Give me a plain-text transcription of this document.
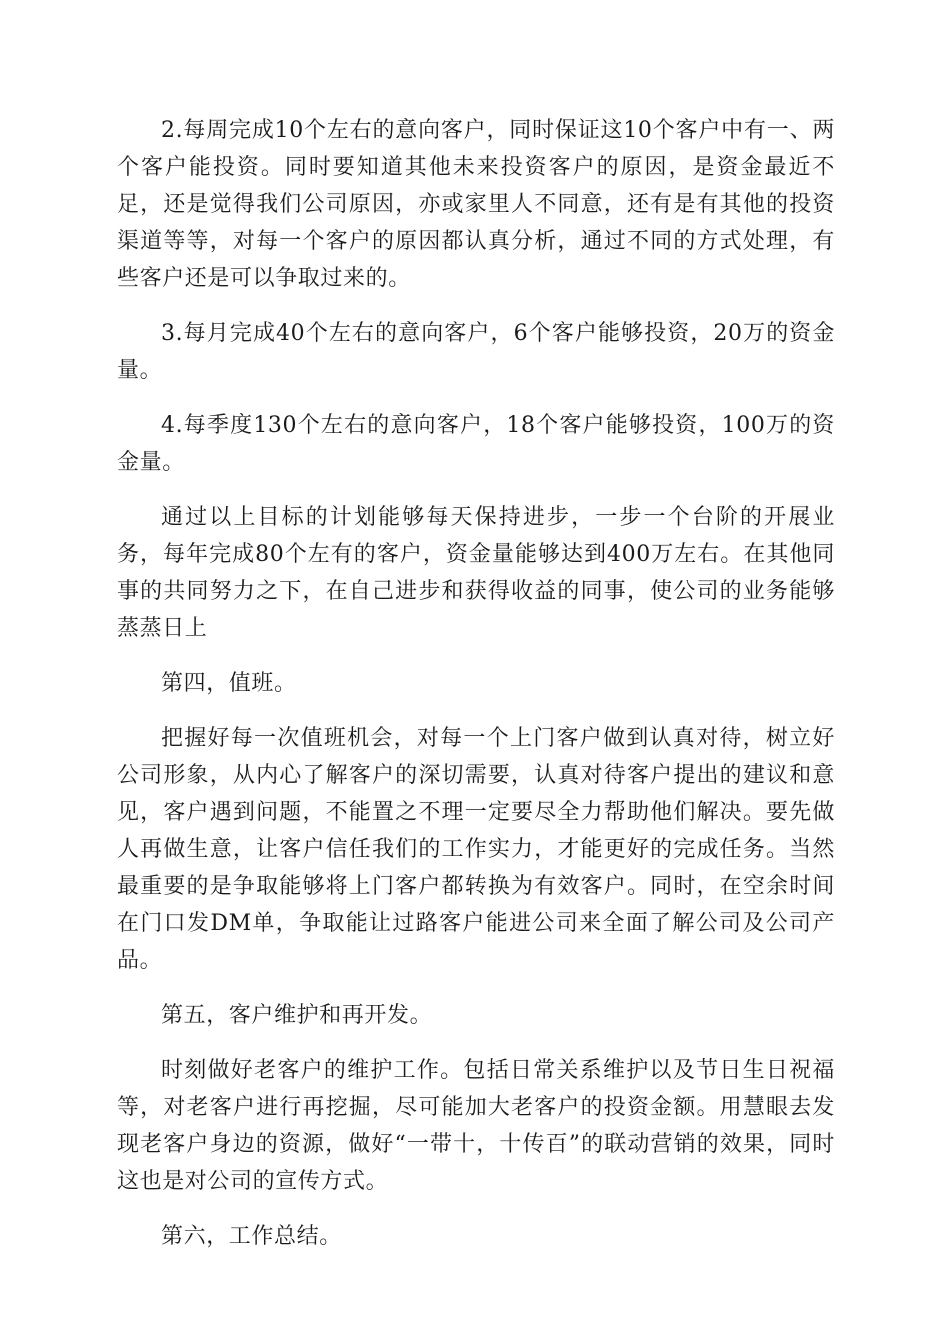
2.每周完成10个左右的意向客户，同时保证这10个客户中有一、两个客户能投资。同时要知道其他未来投资客户的原因，是资金最近不足，还是觉得我们公司原因，亦或家里人不同意，还有是有其他的投资渠道等等，对每一个客户的原因都认真分析，通过不同的方式处理，有些客户还是可以争取过来的。

3.每月完成40个左右的意向客户，6个客户能够投资，20万的资金量。

4.每季度130个左右的意向客户，18个客户能够投资，100万的资金量。

通过以上目标的计划能够每天保持进步，一步一个台阶的开展业务，每年完成80个左有的客户，资金量能够达到400万左右。在其他同事的共同努力之下，在自己进步和获得收益的同事，使公司的业务能够蒸蒸日上

第四，值班。

把握好每一次值班机会，对每一个上门客户做到认真对待，树立好公司形象，从内心了解客户的深切需要，认真对待客户提出的建议和意见，客户遇到问题，不能置之不理一定要尽全力帮助他们解决。要先做人再做生意，让客户信任我们的工作实力，才能更好的完成任务。当然最重要的是争取能够将上门客户都转换为有效客户。同时，在空余时间在门口发DM单，争取能让过路客户能进公司来全面了解公司及公司产品。

第五，客户维护和再开发。

时刻做好老客户的维护工作。包括日常关系维护以及节日生日祝福等，对老客户进行再挖掘，尽可能加大老客户的投资金额。用慧眼去发现老客户身边的资源，做好“一带十，十传百”的联动营销的效果，同时这也是对公司的宣传方式。

第六，工作总结。
